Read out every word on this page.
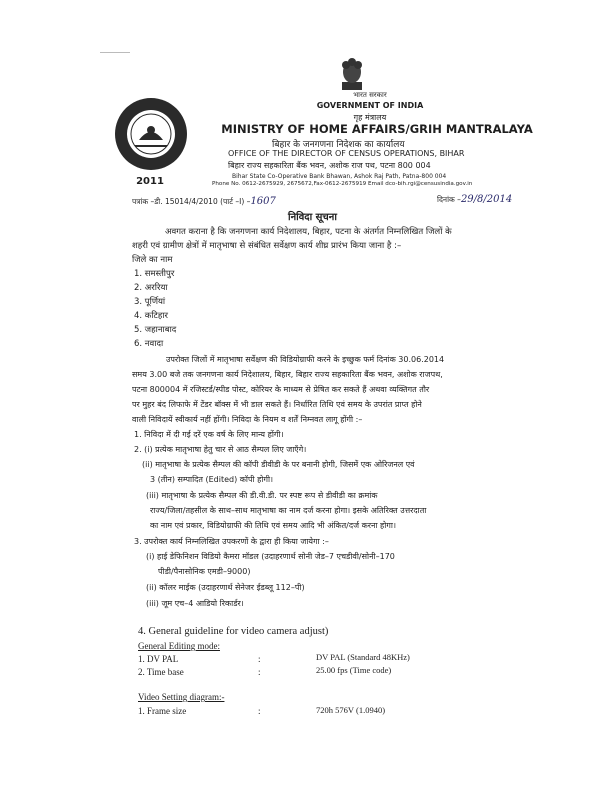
2011
भारत सरकार
GOVERNMENT OF INDIA
गृह मंत्रालय
MINISTRY OF HOME AFFAIRS/GRIH MANTRALAYA
बिहार के जनगणना निदेशक का कार्यालय
OFFICE OF THE DIRECTOR OF CENSUS OPERATIONS, BIHAR
बिहार राज्य सहकारिता बैंक भवन, अशोक राज पथ, पटना 800 004
Bihar State Co-Operative Bank Bhawan, Ashok Raj Path, Patna-800 004
Phone No. 0612-2675929, 2675672,Fax-0612-2675919 Email dco-bih.rgi@censusindia.gov.in
पत्रांक –डी. 15014/4/2010 (पार्ट –I) –1607	दिनांक –29/8/2014
निविदा सूचना
अवगत कराना है कि जनगणना कार्य निदेशालय, बिहार, पटना के अंतर्गत निम्नलिखित जिलों के
शहरी एवं ग्रामीण क्षेत्रों में मातृभाषा से संबंधित सर्वेक्षण कार्य शीघ्र प्रारंभ किया जाना है :–
जिले का नाम
1. समस्तीपुर
2. अररिया
3. पूर्णियां
4. कटिहार
5. जहानाबाद
6. नवादा
उपरोक्त जिलों में मातृभाषा सर्वेक्षण की विडियोग्राफी करने के इच्छुक फर्म दिनांक 30.06.2014
समय 3.00 बजे तक जनगणना कार्य निदेशालय, बिहार, बिहार राज्य सहकारिता बैंक भवन, अशोक राजपथ,
पटना 800004 में रजिस्टर्ड/स्पीड पोस्ट, कोरियर के माध्यम से प्रेषित कर सकते हैं अथवा व्यक्तिगत तौर
पर मुहर बंद लिफाफे में टेंडर बॉक्स में भी डाल सकते हैं। निर्धारित तिथि एवं समय के उपरांत प्राप्त होने
वाली निविदायें स्वीकार्य नहीं होंगी। निविदा के नियम व शर्तें निम्नवत लागू होंगी :–
1. निविदा में दी गई दरें एक वर्ष के लिए मान्य होंगी।
2. (i) प्रत्येक मातृभाषा हेतु चार से आठ सैम्पल लिए जाएँगे।
(ii) मातृभाषा के प्रत्येक सैम्पल की कॉपी डीवीडी के पर बनानी होगी, जिसमें एक ओरिजनल एवं
3 (तीन) सम्पादित (Edited) कॉपी होगी।
(iii) मातृभाषा के प्रत्येक सैम्पल की डी.वी.डी. पर स्पष्ट रूप से डीवीडी का क्रमांक
राज्य/जिला/तहसील के साथ–साथ मातृभाषा का नाम दर्ज करना होगा। इसके अतिरिक्त उत्तरदाता
का नाम एवं प्रकार, विडियोग्राफी की तिथि एवं समय आदि भी अंकित/दर्ज करना होगा।
3. उपरोक्त कार्य निम्नलिखित उपकरणों के द्वारा ही किया जायेगा :–
(i) हाई डेफिनिशन विडियो कैमरा मॉडल (उदाहरणार्थ सोनी जेड–7 एचडीवी/सोनी–170
पीडी/पैनासोनिक एमडी–9000)
(ii) कॉलर माईक (उदाहरणार्थ सेनेजर ईडब्लू 112–पी)
(iii) जूम एच–4 आडियो रिकार्डर।
4. General guideline for video camera adjust)
General Editing mode:
1. DV PAL	:	DV PAL (Standard 48KHz)
2. Time base	:	25.00 fps (Time code)
Video Setting diagram:-
1. Frame size	:	720h 576V (1.0940)
